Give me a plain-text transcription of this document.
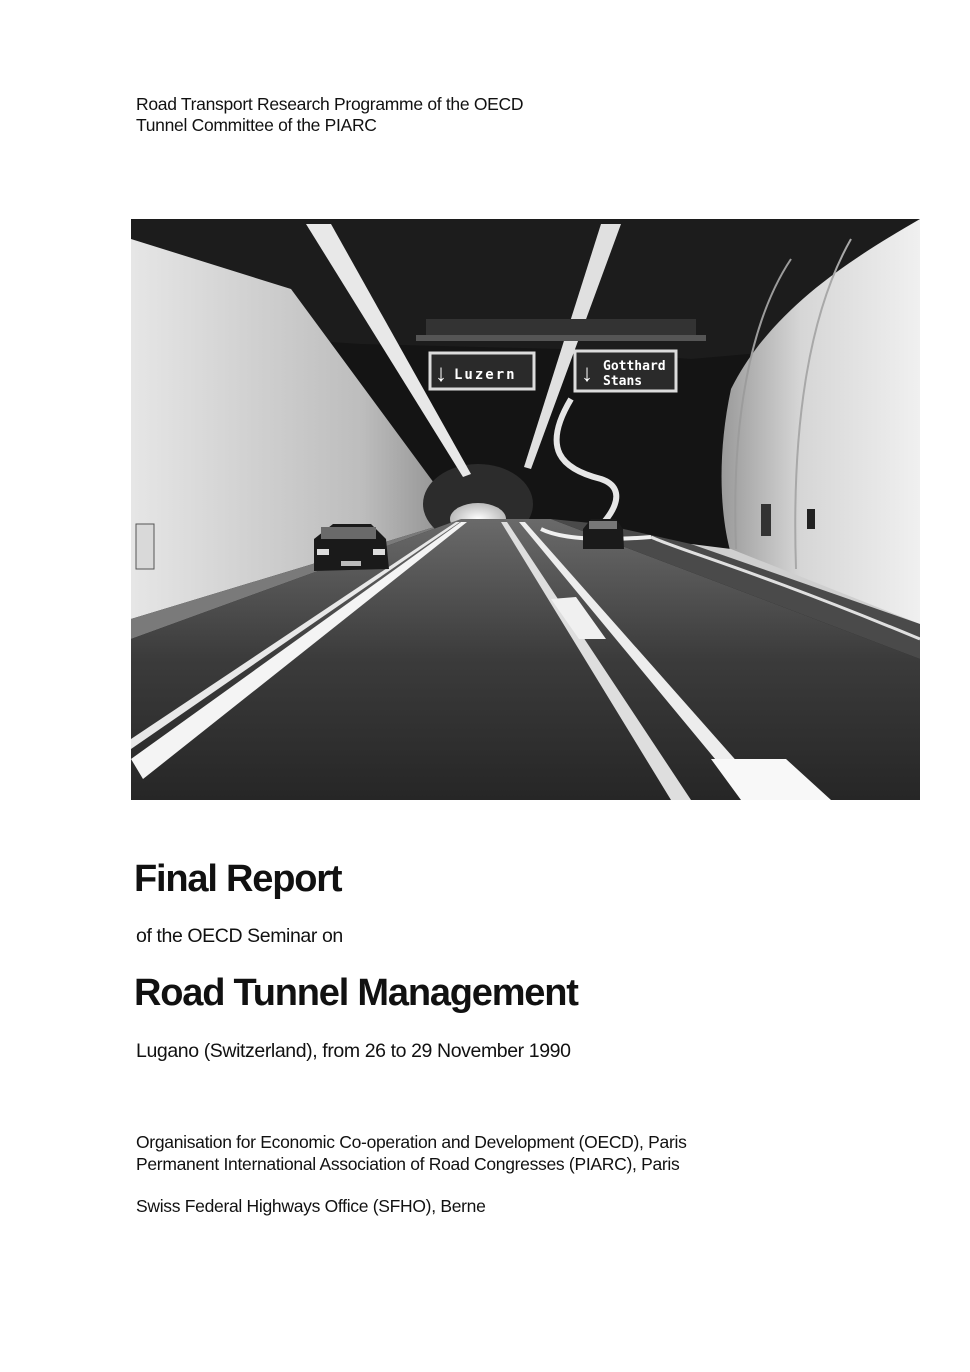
Road Transport Research Programme of the OECD
Tunnel Committee of the PIARC
↓ Luzern	↓ Gotthard
Stans
Final Report
of the OECD Seminar on
Road Tunnel Management
Lugano (Switzerland), from 26 to 29 November 1990
Organisation for Economic Co-operation and Development (OECD), Paris
Permanent International Association of Road Congresses (PIARC), Paris
Swiss Federal Highways Office (SFHO), Berne
